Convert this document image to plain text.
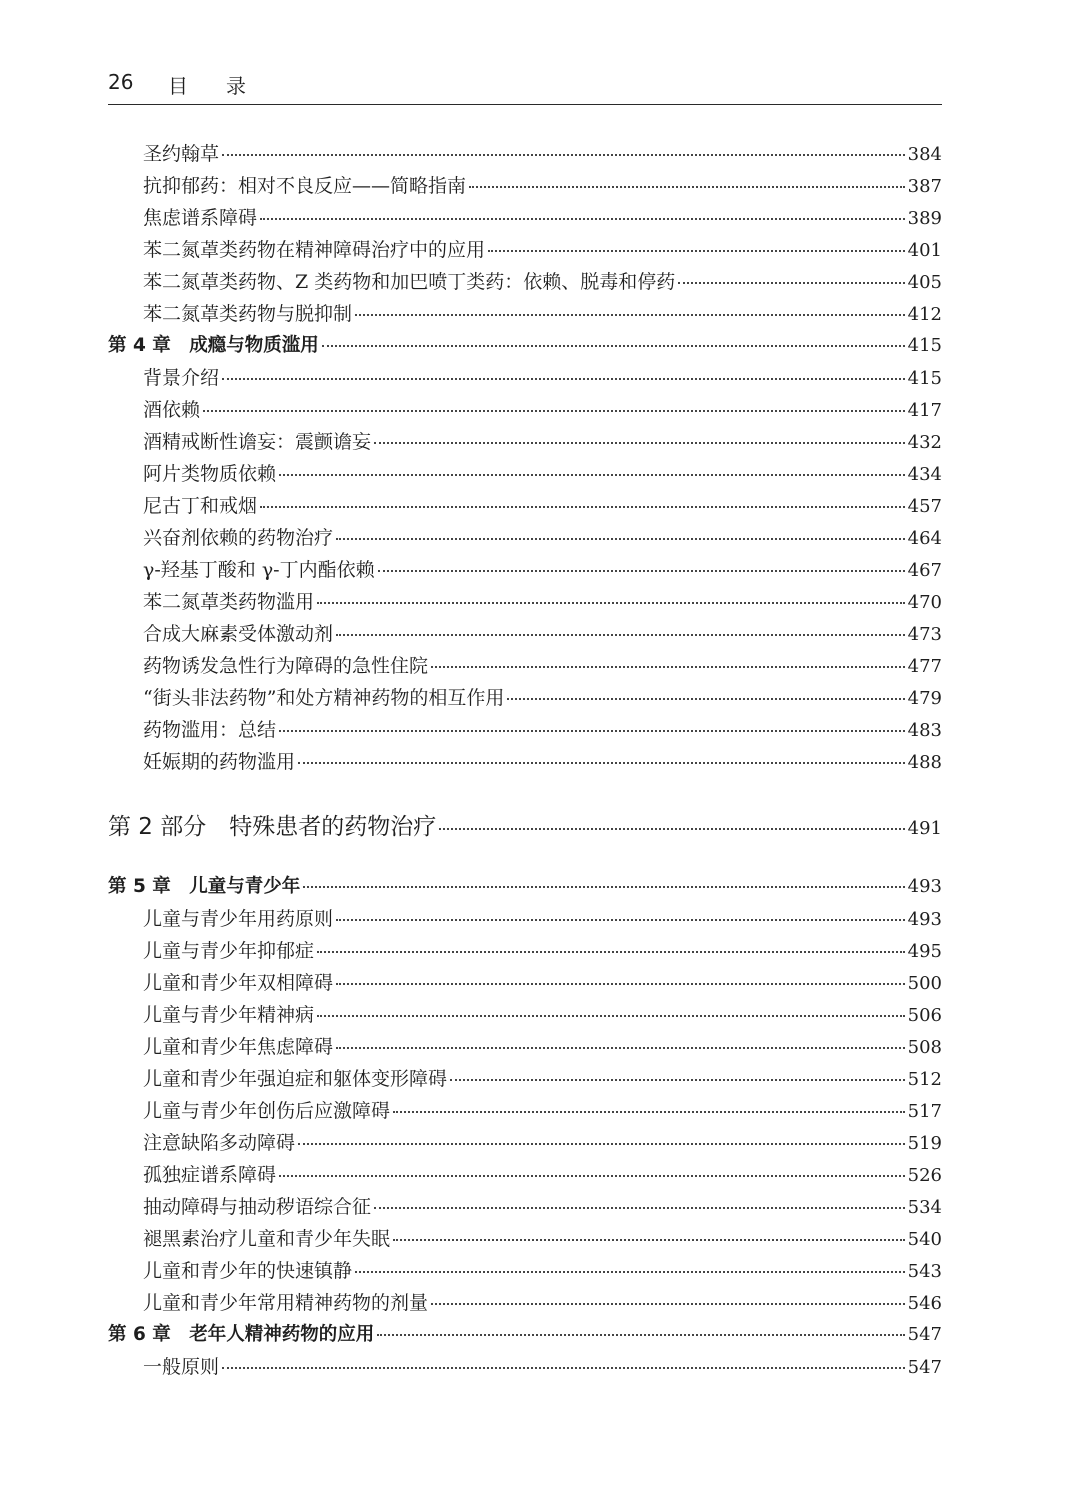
26 目录
圣约翰草	384
抗抑郁药：相对不良反应——简略指南	387
焦虑谱系障碍	389
苯二氮䓬类药物在精神障碍治疗中的应用	401
苯二氮䓬类药物、Z 类药物和加巴喷丁类药：依赖、脱毒和停药	405
苯二氮䓬类药物与脱抑制	412
第 4 章　成瘾与物质滥用	415
背景介绍	415
酒依赖	417
酒精戒断性谵妄：震颤谵妄	432
阿片类物质依赖	434
尼古丁和戒烟	457
兴奋剂依赖的药物治疗	464
γ-羟基丁酸和 γ-丁内酯依赖	467
苯二氮䓬类药物滥用	470
合成大麻素受体激动剂	473
药物诱发急性行为障碍的急性住院	477
“街头非法药物”和处方精神药物的相互作用	479
药物滥用：总结	483
妊娠期的药物滥用	488
第 2 部分　特殊患者的药物治疗	491
第 5 章　儿童与青少年	493
儿童与青少年用药原则	493
儿童与青少年抑郁症	495
儿童和青少年双相障碍	500
儿童与青少年精神病	506
儿童和青少年焦虑障碍	508
儿童和青少年强迫症和躯体变形障碍	512
儿童与青少年创伤后应激障碍	517
注意缺陷多动障碍	519
孤独症谱系障碍	526
抽动障碍与抽动秽语综合征	534
褪黑素治疗儿童和青少年失眠	540
儿童和青少年的快速镇静	543
儿童和青少年常用精神药物的剂量	546
第 6 章　老年人精神药物的应用	547
一般原则	547
